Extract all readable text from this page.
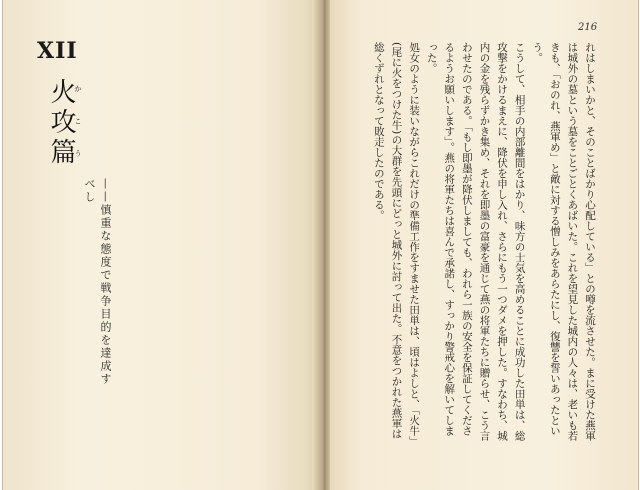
XII
火攻篇かこう
——慎重な態度で戦争目的を達成すべし
216

れはしまいかと、そのことばかり心配している」との噂を流させた。まに受けた燕軍は城外の墓という墓をことごとくあばいた。これを望見した城内の人々は、老いも若きも、「おのれ、燕軍め」と敵に対する憎しみをあらたにし、復讐を誓いあったという。

こうして、相手の内部離間をはかり、味方の士気を高めることに成功した田単は、総攻撃をかけるまえに、降伏を申し入れ、さらにもう一つダメを押した。すなわち、城内の金を残らずかき集め、それを即墨の富豪を通じて燕の将軍たちに贈らせ、こう言わせたのである。「もし即墨が降伏しましても、われら一族の安全を保証してくださるようお願いします」。燕の将軍たちは喜んで承諾し、すっかり警戒心を解いてしまった。

処女のように装いながらこれだけの準備工作をすませた田単は、頃はよしと、「火牛」(尾に火をつけた牛)の大群を先頭にどっと城外に討って出た。不意をつかれた燕軍は総くずれとなって敗走したのである。
